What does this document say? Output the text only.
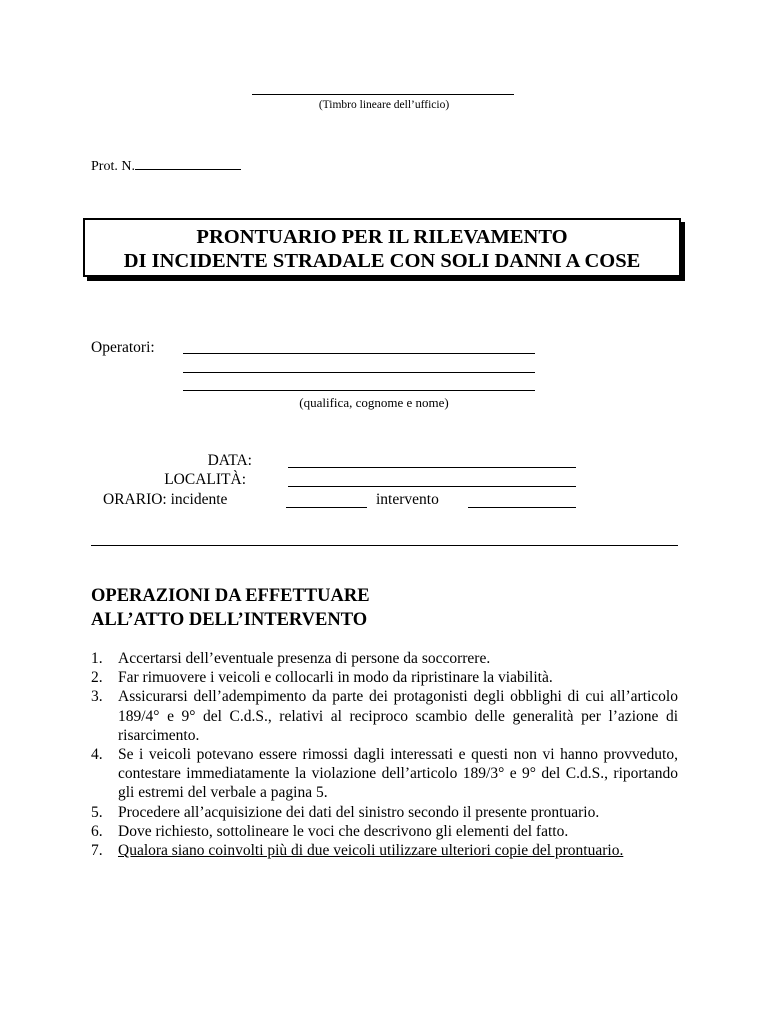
(Timbro lineare dell’ufficio)
Prot. N.
PRONTUARIO PER IL RILEVAMENTO
DI INCIDENTE STRADALE CON SOLI DANNI A COSE
Operatori:
(qualifica, cognome e nome)
DATA:
LOCALITÀ:
ORARIO: incidente	intervento
OPERAZIONI DA EFFETTUARE
ALL’ATTO DELL’INTERVENTO
1. Accertarsi dell’eventuale presenza di persone da soccorrere.
2. Far rimuovere i veicoli e collocarli in modo da ripristinare la viabilità.
3. Assicurarsi dell’adempimento da parte dei protagonisti degli obblighi di cui all’articolo 189/4° e 9° del C.d.S., relativi al reciproco scambio delle generalità per l’azione di risarcimento.
4. Se i veicoli potevano essere rimossi dagli interessati e questi non vi hanno provveduto, contestare immediatamente la violazione dell’articolo 189/3° e 9° del C.d.S., riportando gli estremi del verbale a pagina 5.
5. Procedere all’acquisizione dei dati del sinistro secondo il presente prontuario.
6. Dove richiesto, sottolineare le voci che descrivono gli elementi del fatto.
7. Qualora siano coinvolti più di due veicoli utilizzare ulteriori copie del prontuario.
